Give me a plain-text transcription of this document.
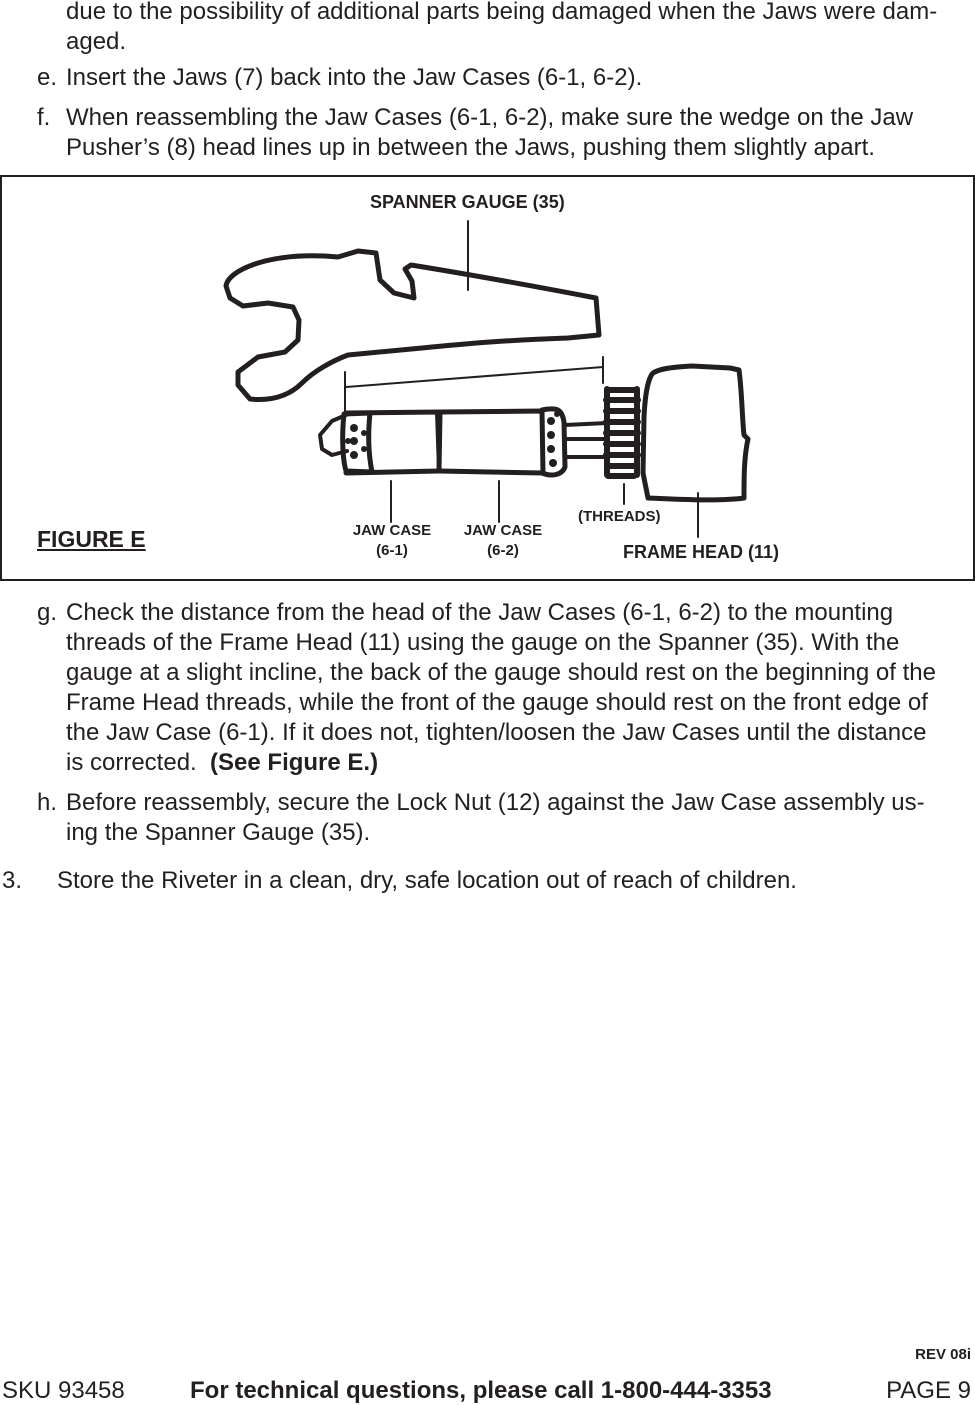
due to the possibility of additional parts being damaged when the Jaws were dam-
aged.
e. Insert the Jaws (7) back into the Jaw Cases (6-1, 6-2).
f. When reassembling the Jaw Cases (6-1, 6-2), make sure the wedge on the Jaw
Pusher’s (8) head lines up in between the Jaws, pushing them slightly apart.
SPANNER GAUGE (35)
JAW CASE
(6-1)
JAW CASE
(6-2)
(THREADS)
FRAME HEAD (11)
FIGURE E
g. Check the distance from the head of the Jaw Cases (6-1, 6-2) to the mounting
threads of the Frame Head (11) using the gauge on the Spanner (35). With the
gauge at a slight incline, the back of the gauge should rest on the beginning of the
Frame Head threads, while the front of the gauge should rest on the front edge of
the Jaw Case (6-1). If it does not, tighten/loosen the Jaw Cases until the distance
is corrected.  (See Figure E.)
h. Before reassembly, secure the Lock Nut (12) against the Jaw Case assembly us-
ing the Spanner Gauge (35).
3. Store the Riveter in a clean, dry, safe location out of reach of children.
REV 08i
SKU 93458	For technical questions, please call 1-800-444-3353	PAGE 9
